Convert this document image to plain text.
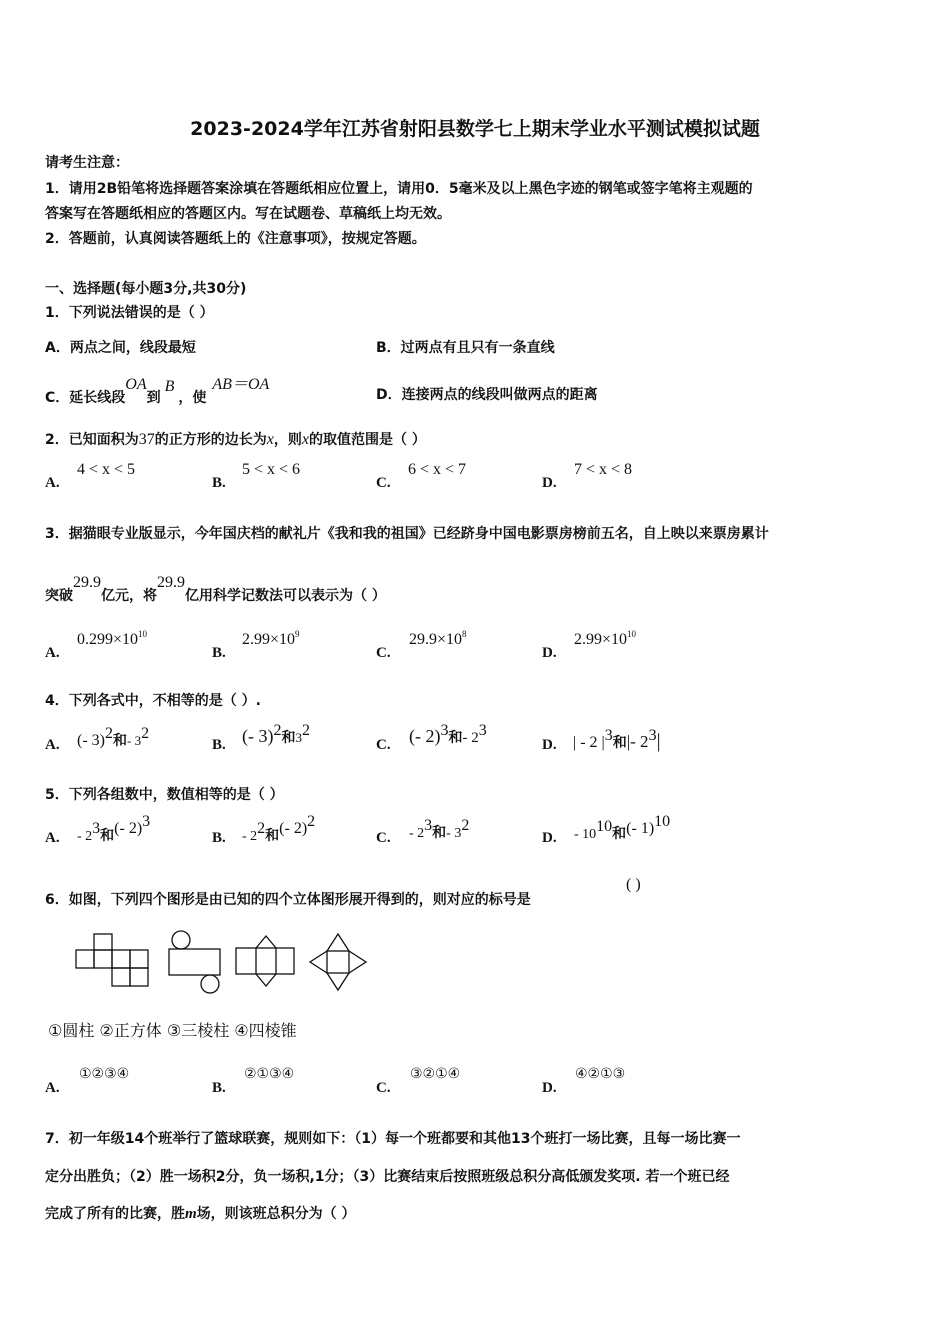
2023-2024学年江苏省射阳县数学七上期末学业水平测试模拟试题
请考生注意：
1．请用2B铅笔将选择题答案涂填在答题纸相应位置上，请用0．5毫米及以上黑色字迹的钢笔或签字笔将主观题的
答案写在答题纸相应的答题区内。写在试题卷、草稿纸上均无效。
2．答题前，认真阅读答题纸上的《注意事项》，按规定答题。
一、选择题(每小题3分,共30分)
1．下列说法错误的是（ ）
A．两点之间，线段最短	B．过两点有且只有一条直线
C．延长线段OA到B，使AB＝OA
D．连接两点的线段叫做两点的距离
2．已知面积为37的正方形的边长为x，则x的取值范围是（ ）
A.
4 < x < 5
B.
5 < x < 6
C.
6 < x < 7
D.
7 < x < 8
3．据猫眼专业版显示，今年国庆档的献礼片《我和我的祖国》已经跻身中国电影票房榜前五名，自上映以来票房累计
突破29.9亿元，将29.9亿用科学记数法可以表示为（ ）
A.
$0.299\times 10^{10}$
B.
$2.99\times 10^9$
C.
$29.9\times 10^8$
D.
$2.99\times 10^{10}$
4．下列各式中，不相等的是（ ）.
A. (- 3)$^2$和- $3^2$
B. (- 3)$^2$和$3^2$
C. (- 2)$^3$和- $2^3$
D. | - 2 $|^3$和|- $2^3|$
5．下列各组数中，数值相等的是（ ）
A. - $2^3$和(- 2)$^3$
B. - $2^2$和(- 2)$^2$
C. - $2^3$和- $3^2$
D. - $10^{10}$和(- 1)$^{10}$
6．如图，下列四个图形是由已知的四个立体图形展开得到的，则对应的标号是
( )
①圆柱 ②正方体 ③三棱柱 ④四棱锥
A.
①②③④
B.
②①③④
C.
③②①④
D.
④②①③
7．初一年级14个班举行了篮球联赛，规则如下：（1）每一个班都要和其他13个班打一场比赛，且每一场比赛一
定分出胜负；（2）胜一场积2分，负一场积,1分；（3）比赛结束后按照班级总积分高低颁发奖项. 若一个班已经
完成了所有的比赛，胜m场，则该班总积分为（ ）
